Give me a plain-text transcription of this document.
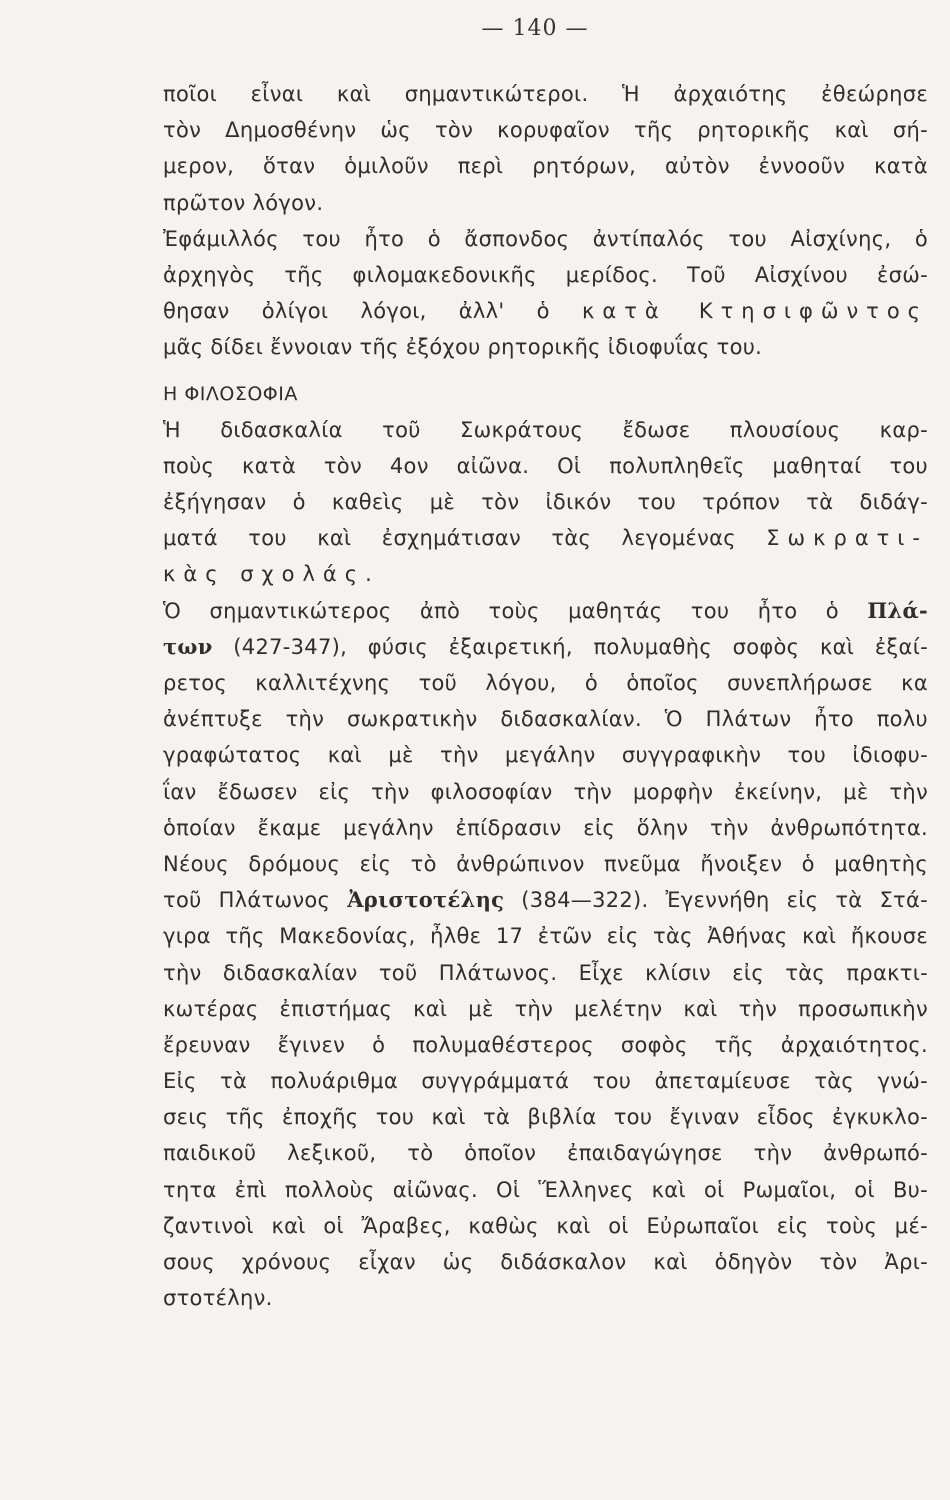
— 140 —
ποῖοι εἶναι καὶ σημαντικώτεροι. Ἡ ἀρχαιότης ἐθεώρησε
τὸν Δημοσθένην ὡς τὸν κορυφαῖον τῆς ρητορικῆς καὶ σή-
μερον, ὅταν ὁμιλοῦν περὶ ρητόρων, αὐτὸν ἐννοοῦν κατὰ
πρῶτον λόγον.
Ἐφάμιλλός του ἦτο ὁ ἄσπονδος ἀντίπαλός του Αἰσχίνης, ὁ
ἀρχηγὸς τῆς φιλομακεδονικῆς μερίδος. Τοῦ Αἰσχίνου ἐσώ-
θησαν ὀλίγοι λόγοι, ἀλλ' ὁ κατὰ Κτησιφῶντος
μᾶς δίδει ἔννοιαν τῆς ἐξόχου ρητορικῆς ἰδιοφυΐας του.
Η ΦΙΛΟΣΟΦΙΑ
Ἡ διδασκαλία τοῦ Σωκράτους ἔδωσε πλουσίους καρ-
ποὺς κατὰ τὸν 4ον αἰῶνα. Οἱ πολυπληθεῖς μαθηταί του
ἐξήγησαν ὁ καθεὶς μὲ τὸν ἰδικόν του τρόπον τὰ διδάγ-
ματά του καὶ ἐσχημάτισαν τὰς λεγομένας Σωκρατι-
κὰς σχολάς.
Ὁ σημαντικώτερος ἀπὸ τοὺς μαθητάς του ἦτο ὁ Πλά-
των (427-347), φύσις ἐξαιρετική, πολυμαθὴς σοφὸς καὶ ἐξαί-
ρετος καλλιτέχνης τοῦ λόγου, ὁ ὁποῖος συνεπλήρωσε κα
ἀνέπτυξε τὴν σωκρατικὴν διδασκαλίαν. Ὁ Πλάτων ἦτο πολυ
γραφώτατος καὶ μὲ τὴν μεγάλην συγγραφικὴν του ἰδιοφυ-
ΐαν ἔδωσεν εἰς τὴν φιλοσοφίαν τὴν μορφὴν ἐκείνην, μὲ τὴν
ὁποίαν ἔκαμε μεγάλην ἐπίδρασιν εἰς ὅλην τὴν ἀνθρωπότητα.
Νέους δρόμους εἰς τὸ ἀνθρώπινον πνεῦμα ἤνοιξεν ὁ μαθητὴς
τοῦ Πλάτωνος Ἀριστοτέλης (384—322). Ἐγεννήθη εἰς τὰ Στά-
γιρα τῆς Μακεδονίας, ἦλθε 17 ἐτῶν εἰς τὰς Ἀθήνας καὶ ἤκουσε
τὴν διδασκαλίαν τοῦ Πλάτωνος. Εἶχε κλίσιν εἰς τὰς πρακτι-
κωτέρας ἐπιστήμας καὶ μὲ τὴν μελέτην καὶ τὴν προσωπικὴν
ἔρευναν ἔγινεν ὁ πολυμαθέστερος σοφὸς τῆς ἀρχαιότητος.
Εἰς τὰ πολυάριθμα συγγράμματά του ἀπεταμίευσε τὰς γνώ-
σεις τῆς ἐποχῆς του καὶ τὰ βιβλία του ἔγιναν εἶδος ἐγκυκλο-
παιδικοῦ λεξικοῦ, τὸ ὁποῖον ἐπαιδαγώγησε τὴν ἀνθρωπό-
τητα ἐπὶ πολλοὺς αἰῶνας. Οἱ Ἕλληνες καὶ οἱ Ρωμαῖοι, οἱ Βυ-
ζαντινοὶ καὶ οἱ Ἄραβες, καθὼς καὶ οἱ Εὐρωπαῖοι εἰς τοὺς μέ-
σους χρόνους εἶχαν ὡς διδάσκαλον καὶ ὁδηγὸν τὸν Ἀρι-
στοτέλην.
